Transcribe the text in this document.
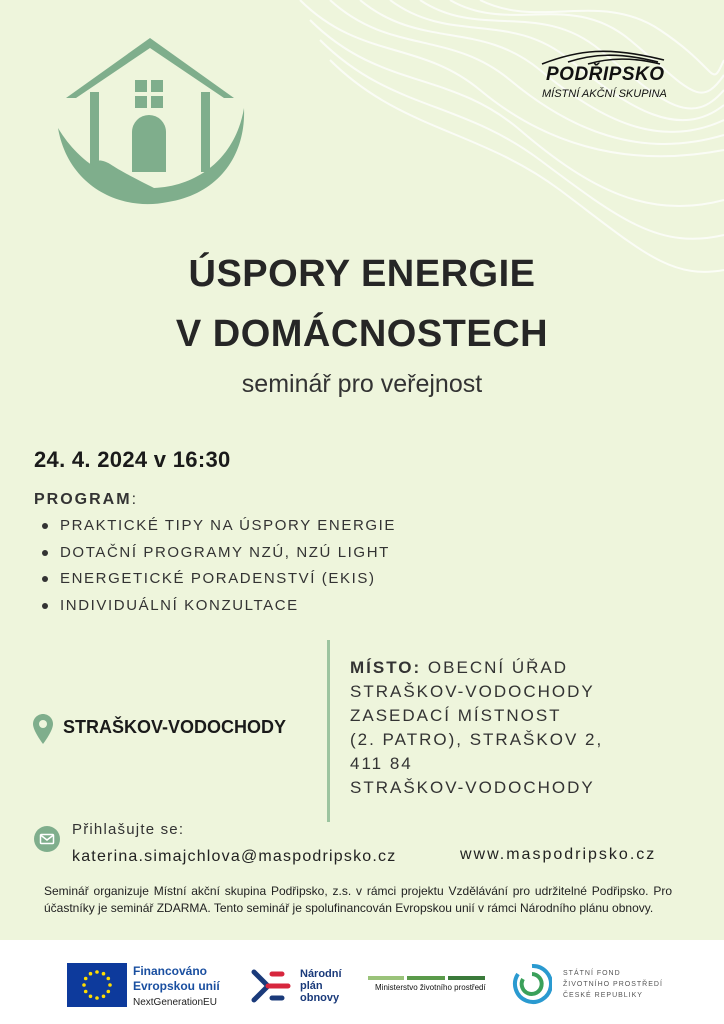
PODŘIPSKO
MÍSTNÍ AKČNÍ SKUPINA
ÚSPORY ENERGIE
V DOMÁCNOSTECH
seminář pro veřejnost
24. 4. 2024 v 16:30
PROGRAM:
PRAKTICKÉ TIPY NA ÚSPORY ENERGIE
DOTAČNÍ PROGRAMY NZÚ, NZÚ LIGHT
ENERGETICKÉ PORADENSTVÍ (EKIS)
INDIVIDUÁLNÍ KONZULTACE
STRAŠKOV-VODOCHODY
MÍSTO: OBECNÍ ÚŘAD
STRAŠKOV-VODOCHODY
ZASEDACÍ MÍSTNOST
(2. PATRO), STRAŠKOV 2,
411 84
STRAŠKOV-VODOCHODY
Přihlašujte se:
katerina.simajchlova@maspodripsko.cz	www.maspodripsko.cz
Seminář organizuje Místní akční skupina Podřipsko, z.s. v rámci projektu Vzdělávání pro udržitelné Podřipsko. Pro účastníky je seminář ZDARMA. Tento seminář je spolufinancován Evropskou unií v rámci Národního plánu obnovy.
Financováno
Evropskou unií
NextGenerationEU
Národní
plán
obnovy
Ministerstvo životního prostředí
STÁTNÍ FOND
ŽIVOTNÍHO PROSTŘEDÍ
ČESKÉ REPUBLIKY
